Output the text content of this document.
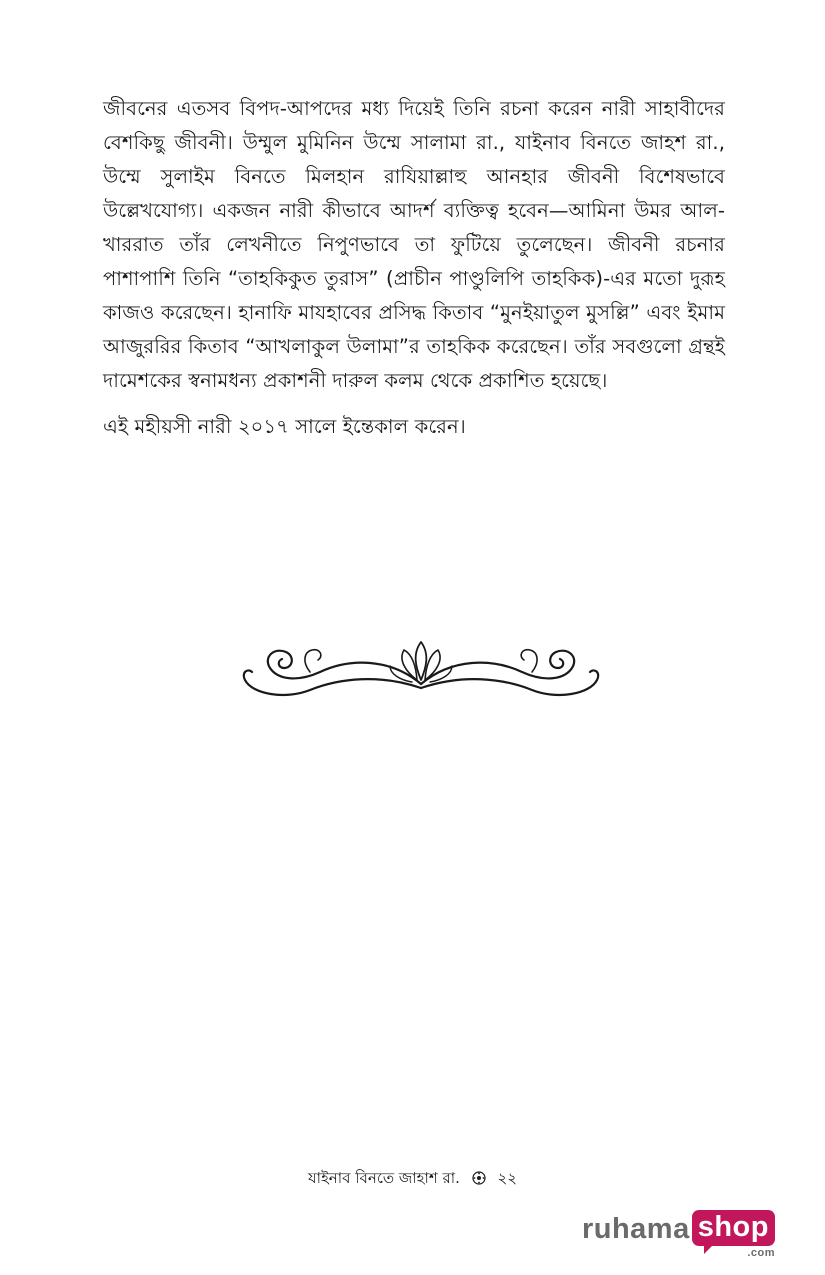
জীবনের এতসব বিপদ-আপদের মধ্য দিয়েই তিনি রচনা করেন নারী সাহাবীদের বেশকিছু জীবনী। উম্মুল মুমিনিন উম্মে সালামা রা., যাইনাব বিনতে জাহশ রা., উম্মে সুলাইম বিনতে মিলহান রাযিয়াল্লাহু আনহার জীবনী বিশেষভাবে উল্লেখযোগ্য। একজন নারী কীভাবে আদর্শ ব্যক্তিত্ব হবেন—আমিনা উমর আল-খাররাত তাঁর লেখনীতে নিপুণভাবে তা ফুটিয়ে তুলেছেন। জীবনী রচনার পাশাপাশি তিনি “তাহকিকুত তুরাস” (প্রাচীন পাণ্ডুলিপি তাহকিক)-এর মতো দুরূহ কাজও করেছেন। হানাফি মাযহাবের প্রসিদ্ধ কিতাব “মুনইয়াতুল মুসল্লি” এবং ইমাম আজুররির কিতাব “আখলাকুল উলামা”র তাহকিক করেছেন। তাঁর সবগুলো গ্রন্থই দামেশকের স্বনামধন্য প্রকাশনী দারুল কলম থেকে প্রকাশিত হয়েছে।

এই মহীয়সী নারী ২০১৭ সালে ইন্তেকাল করেন।

যাইনাব বিনতে জাহাশ রা.	২২
ruhama shop
.com
